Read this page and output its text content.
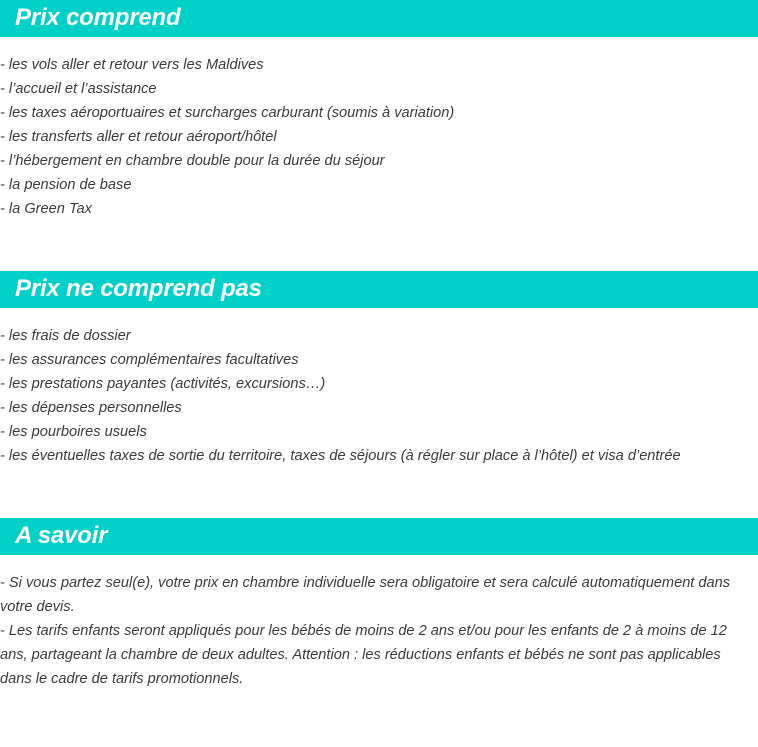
Prix comprend
- les vols aller et retour vers les Maldives
- l’accueil et l’assistance
- les taxes aéroportuaires et surcharges carburant (soumis à variation)
- les transferts aller et retour aéroport/hôtel
- l’hébergement en chambre double pour la durée du séjour
- la pension de base
- la Green Tax
Prix ne comprend pas
- les frais de dossier
- les assurances complémentaires facultatives
- les prestations payantes (activités, excursions…)
- les dépenses personnelles
- les pourboires usuels
- les éventuelles taxes de sortie du territoire, taxes de séjours (à régler sur place à l’hôtel) et visa d’entrée
A savoir

- Si vous partez seul(e), votre prix en chambre individuelle sera obligatoire et sera calculé automatiquement dans votre devis.

- Les tarifs enfants seront appliqués pour les bébés de moins de 2 ans et/ou pour les enfants de 2 à moins de 12 ans, partageant la chambre de deux adultes. Attention : les réductions enfants et bébés ne sont pas applicables dans le cadre de tarifs promotionnels.
